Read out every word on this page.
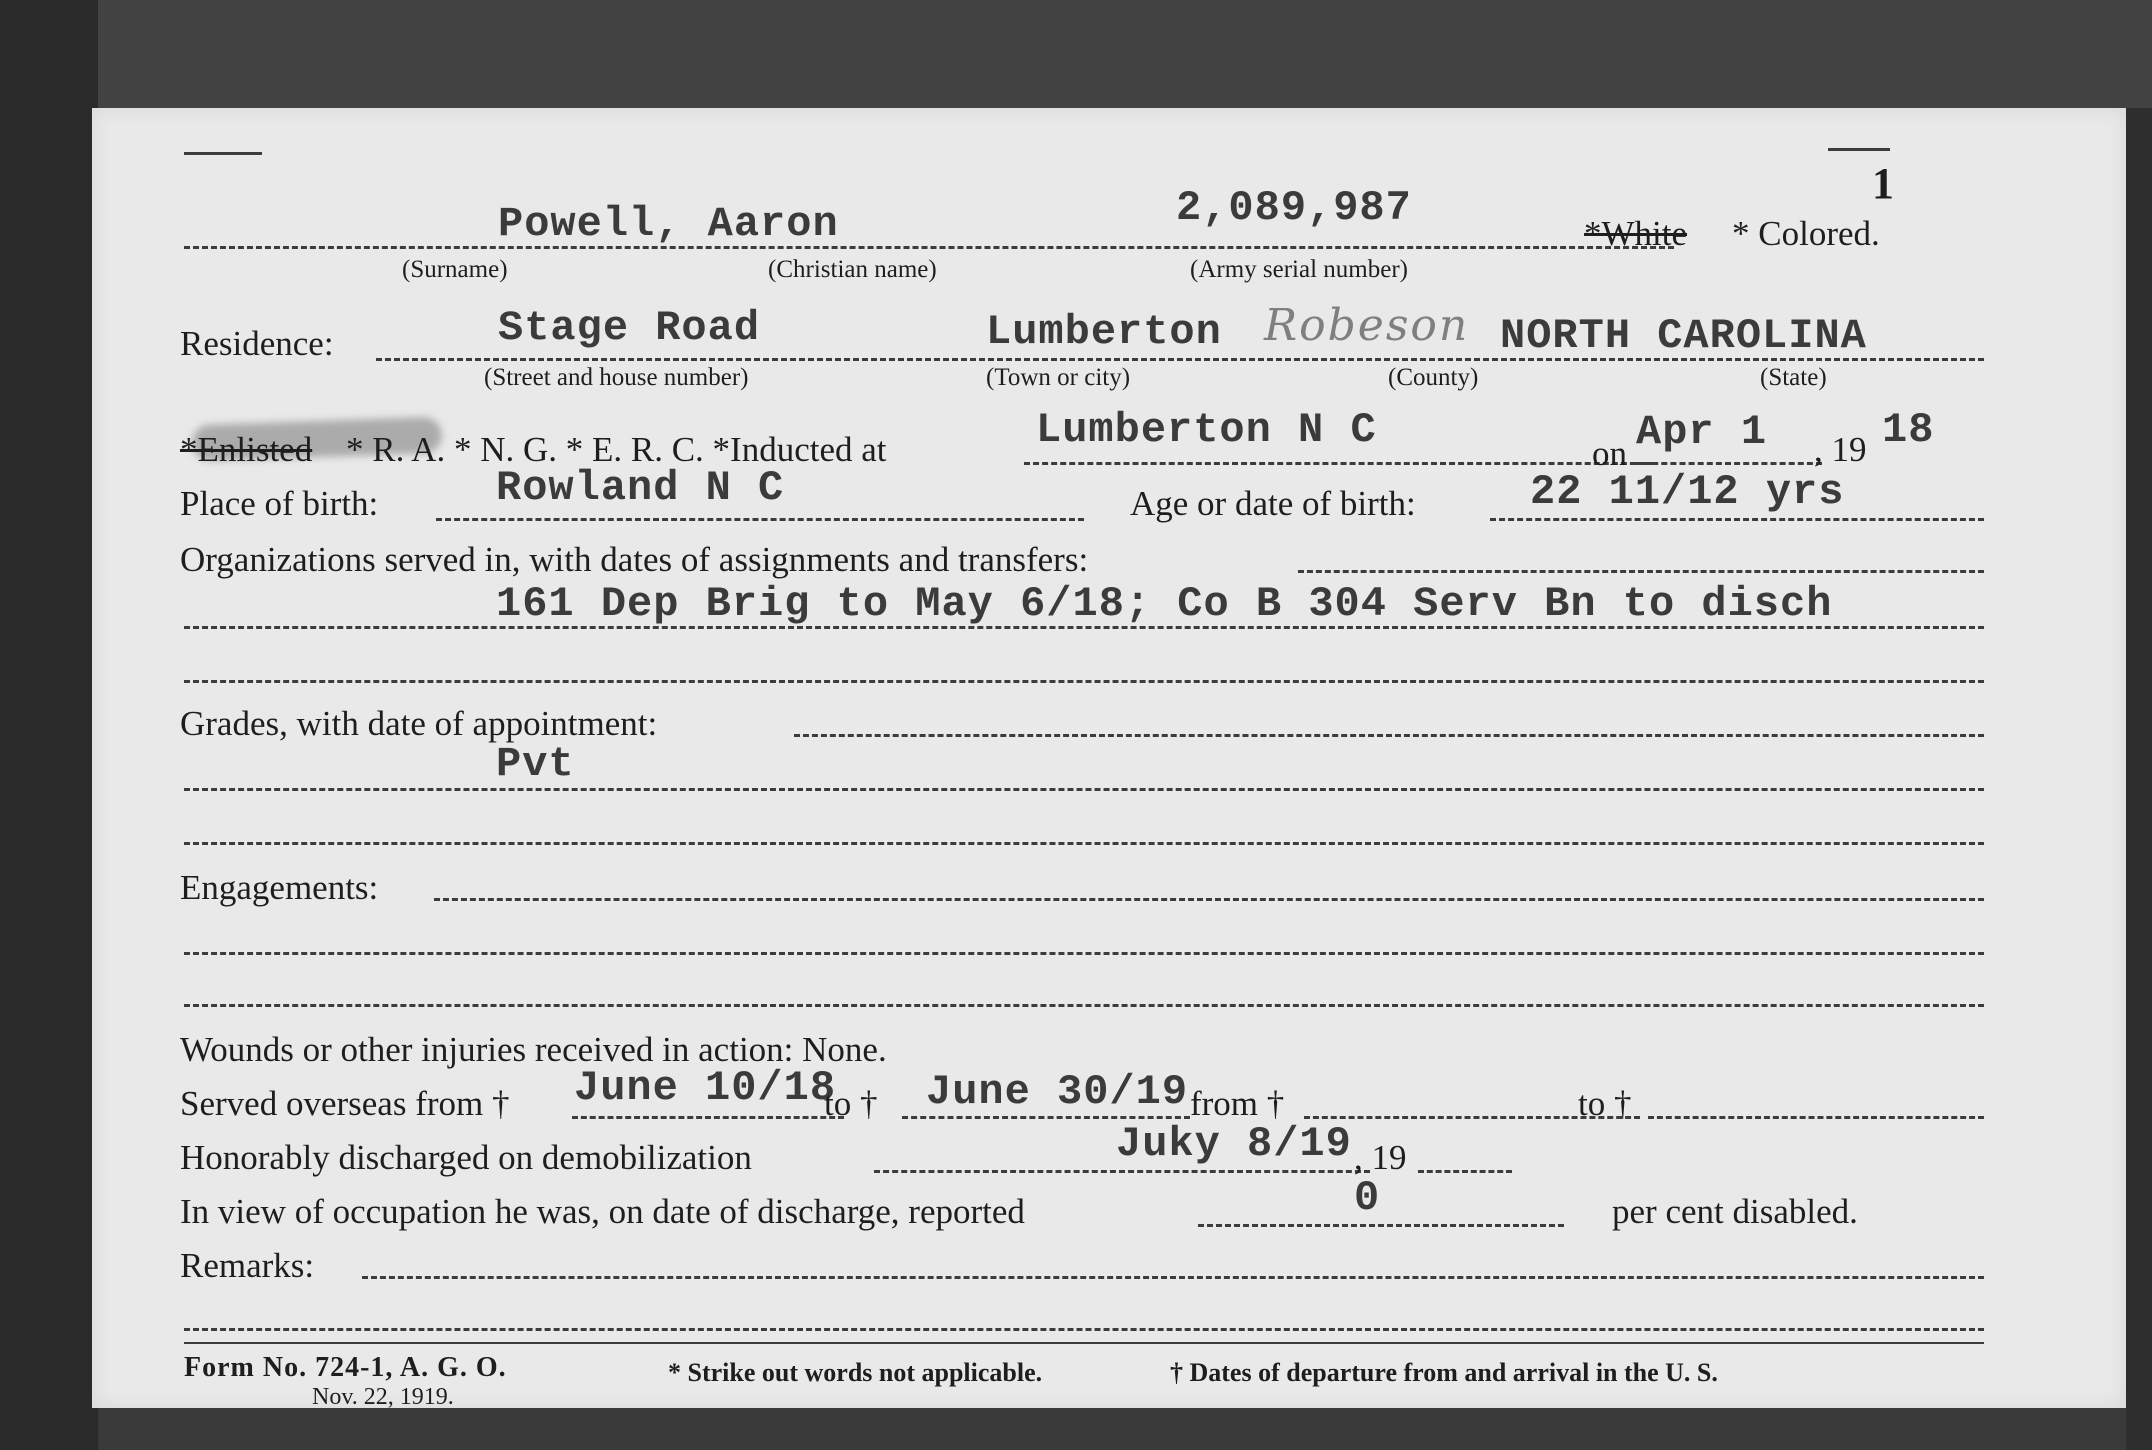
1
Powell, Aaron	2,089,987
*White * Colored.
(Surname)	(Christian name)	(Army serial number)
Residence:	Stage Road	Lumberton Robeson NORTH CAROLINA
(Street and house number)	(Town or city)	(County)	(State)
*Enlisted * R. A. * N. G. * E. R. C. *Inducted at	Lumberton N C	on Apr 1 , 19 18
Place of birth:	Rowland N C	Age or date of birth:	22 11/12 yrs
Organizations served in, with dates of assignments and transfers:
161 Dep Brig to May 6/18; Co B 304 Serv Bn to disch
Grades, with date of appointment:
Pvt
Engagements:
Wounds or other injuries received in action: None.
Served overseas from † June 10/18
to † June 30/19 from †	to †
Honorably discharged on demobilization	Juky 8/19 , 19
In view of occupation he was, on date of discharge, reported	0	per cent disabled.
Remarks:
Form No. 724-1, A. G. O.
Nov. 22, 1919.
* Strike out words not applicable.	† Dates of departure from and arrival in the U. S.
